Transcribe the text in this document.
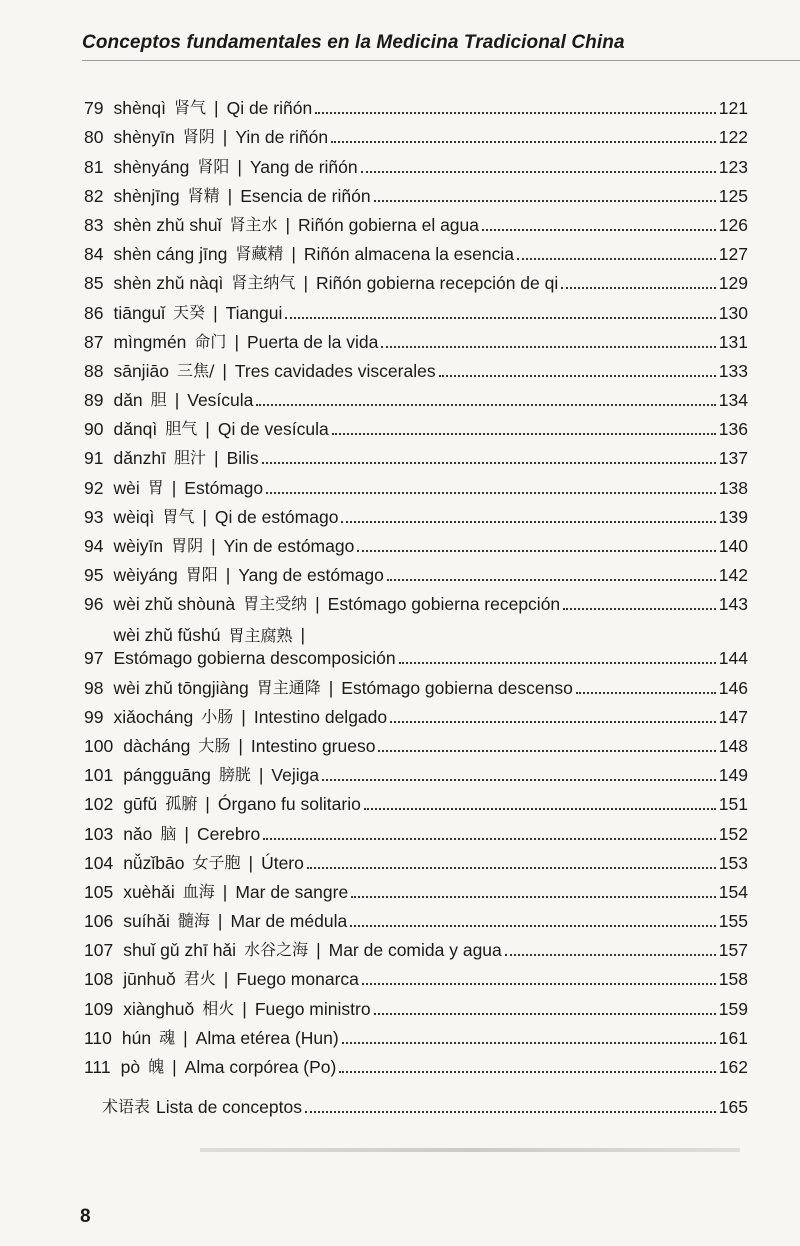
Conceptos fundamentales en la Medicina Tradicional China
79 shènqì 肾气 | Qi de riñón	121
80 shènyīn 肾阴 | Yin de riñón	122
81 shènyáng 肾阳 | Yang de riñón	123
82 shènjīng 肾精 | Esencia de riñón	125
83 shèn zhǔ shuǐ 肾主水 | Riñón gobierna el agua	126
84 shèn cáng jīng 肾藏精 | Riñón almacena la esencia	127
85 shèn zhǔ nàqì 肾主纳气 | Riñón gobierna recepción de qi	129
86 tiānguǐ 天癸 | Tiangui	130
87 mìngmén 命门 | Puerta de la vida	131
88 sānjiāo 三焦/ | Tres cavidades viscerales	133
89 dǎn 胆 | Vesícula	134
90 dǎnqì 胆气 | Qi de vesícula	136
91 dǎnzhī 胆汁 | Bilis	137
92 wèi 胃 | Estómago	138
93 wèiqì 胃气 | Qi de estómago	139
94 wèiyīn 胃阴 | Yin de estómago	140
95 wèiyáng 胃阳 | Yang de estómago	142
96 wèi zhǔ shòunà 胃主受纳 | Estómago gobierna recepción	143
97
wèi zhǔ fǔshú 胃主腐熟 |
Estómago gobierna descomposición	144
98 wèi zhǔ tōngjiàng 胃主通降 | Estómago gobierna descenso	146
99 xiǎocháng 小肠 | Intestino delgado	147
100 dàcháng 大肠 | Intestino grueso	148
101 pángguāng 膀胱 | Vejiga	149
102 gūfǔ 孤腑 | Órgano fu solitario	151
103 nǎo 脑 | Cerebro	152
104 nǚzǐbāo 女子胞 | Útero	153
105 xuèhǎi 血海 | Mar de sangre	154
106 suíhǎi 髓海 | Mar de médula	155
107 shuǐ gǔ zhī hǎi 水谷之海 | Mar de comida y agua	157
108 jūnhuǒ 君火 | Fuego monarca	158
109 xiànghuǒ 相火 | Fuego ministro	159
110 hún 魂 | Alma etérea (Hun)	161
111 pò 魄 | Alma corpórea (Po)	162
术语表 Lista de conceptos	165
8
